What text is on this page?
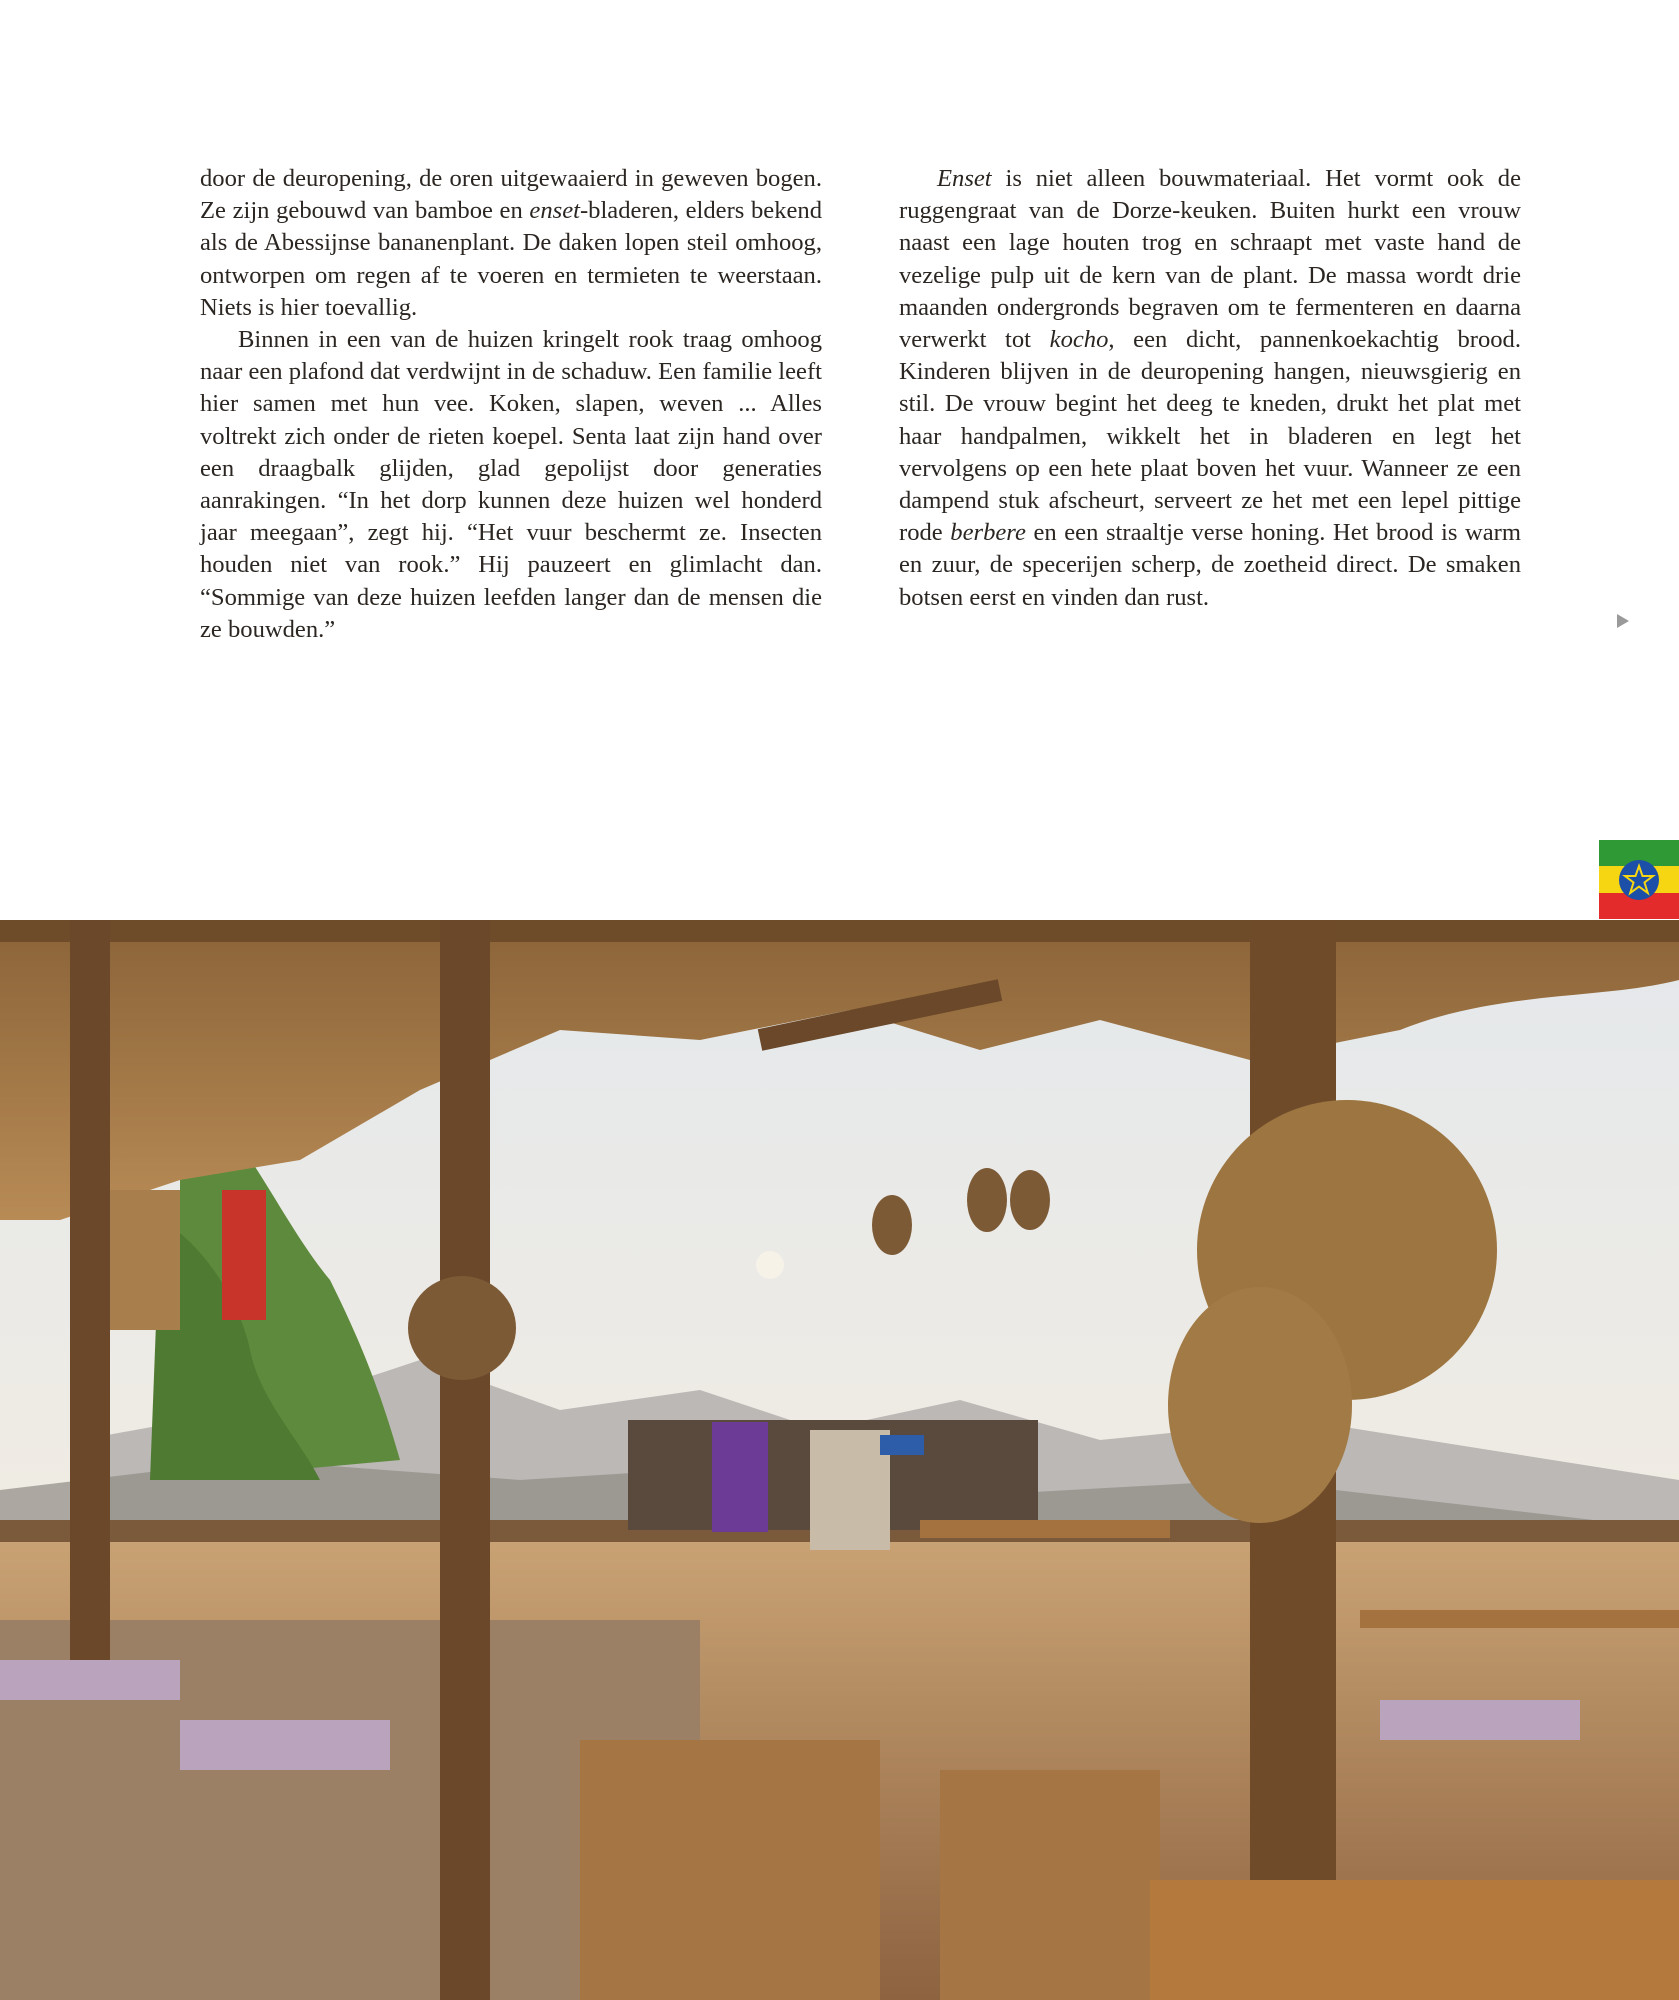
door de deuropening, de oren uitgewaaierd in geweven bogen. Ze zijn gebouwd van bamboe en enset-bladeren, elders bekend als de Abessijnse bananenplant. De daken lopen steil omhoog, ontworpen om regen af te voeren en termieten te weerstaan. Niets is hier toevallig.

Binnen in een van de huizen kringelt rook traag omhoog naar een plafond dat verdwijnt in de schaduw. Een familie leeft hier samen met hun vee. Koken, slapen, weven ... Alles voltrekt zich onder de rieten koepel. Senta laat zijn hand over een draagbalk glijden, glad gepolijst door generaties aanrakingen. “In het dorp kunnen deze huizen wel honderd jaar meegaan”, zegt hij. “Het vuur beschermt ze. Insecten houden niet van rook.” Hij pauzeert en glimlacht dan. “Sommige van deze huizen leefden langer dan de mensen die ze bouwden.”

Enset is niet alleen bouwmateriaal. Het vormt ook de ruggengraat van de Dorze-keuken. Buiten hurkt een vrouw naast een lage houten trog en schraapt met vaste hand de vezelige pulp uit de kern van de plant. De massa wordt drie maanden ondergronds begraven om te fermenteren en daarna verwerkt tot kocho, een dicht, pannenkoekachtig brood. Kinderen blijven in de deuropening hangen, nieuwsgierig en stil. De vrouw begint het deeg te kneden, drukt het plat met haar handpalmen, wikkelt het in bladeren en legt het vervolgens op een hete plaat boven het vuur. Wanneer ze een dampend stuk afscheurt, serveert ze het met een lepel pittige rode berbere en een straaltje verse honing. Het brood is warm en zuur, de specerijen scherp, de zoetheid direct. De smaken botsen eerst en vinden dan rust.
